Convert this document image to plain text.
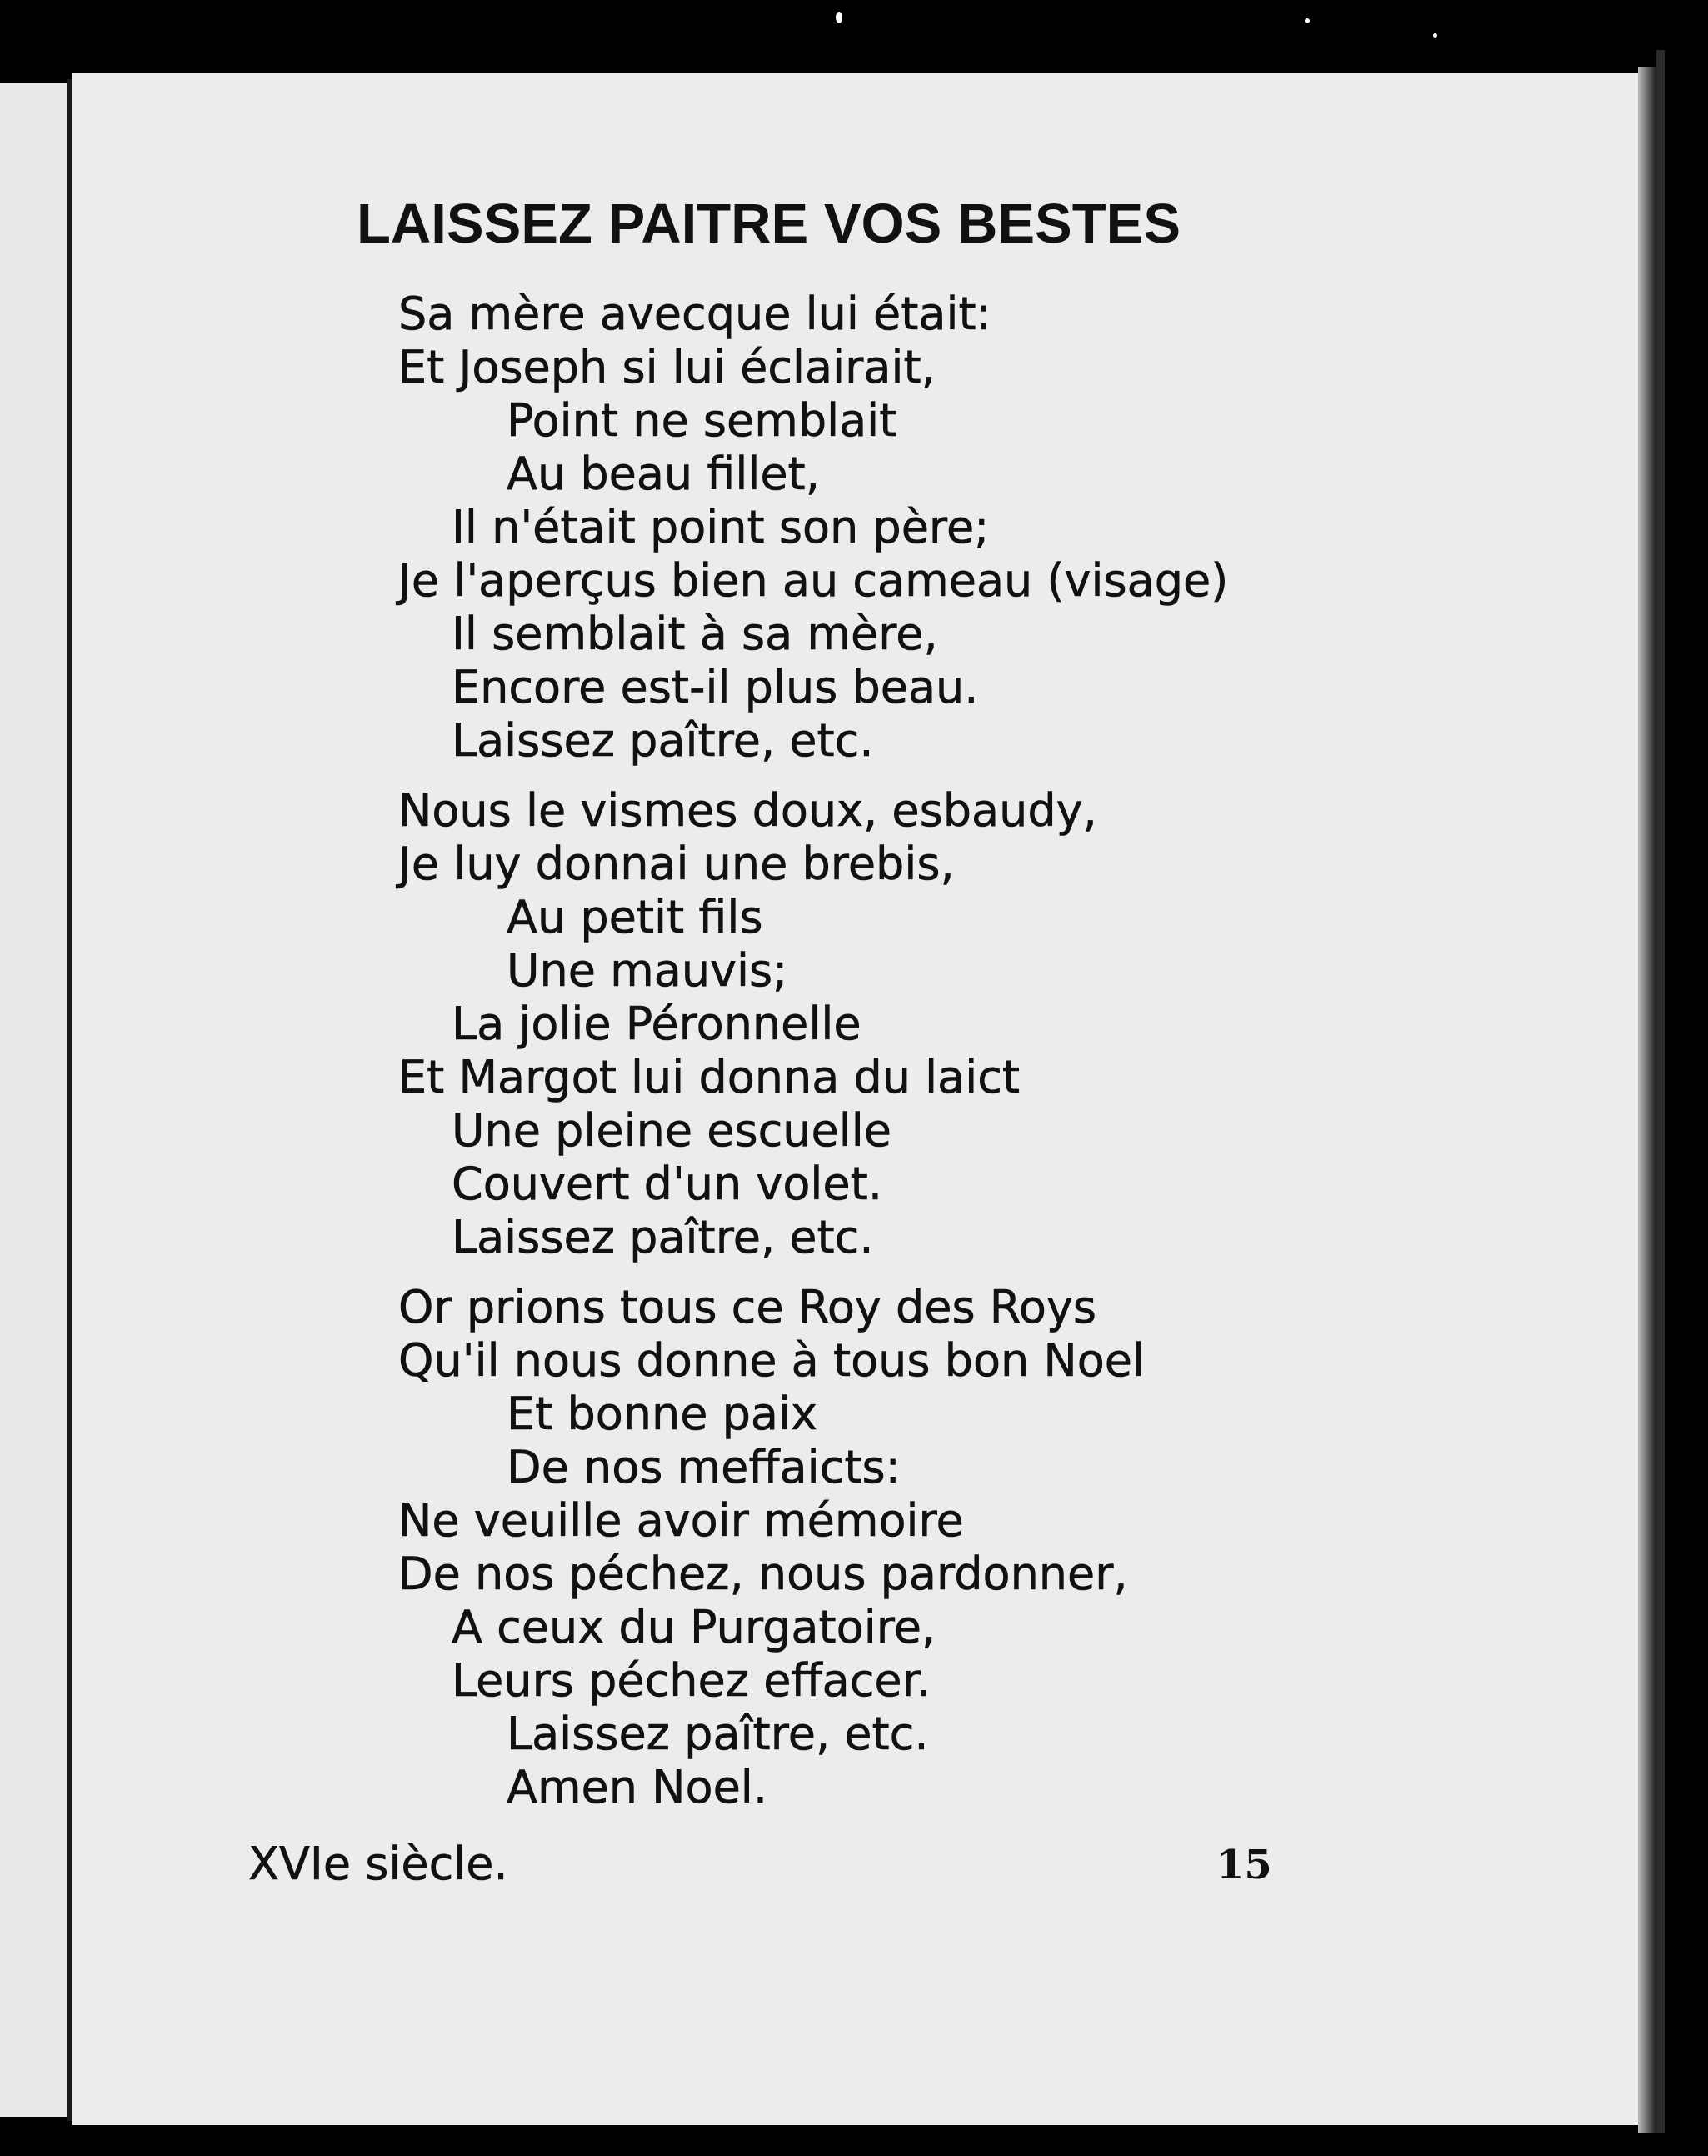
LAISSEZ PAITRE VOS BESTES
Sa mère avecque lui était:
Et Joseph si lui éclairait,
Point ne semblait
Au beau fillet,
Il n'était point son père;
Je l'aperçus bien au cameau (visage)
Il semblait à sa mère,
Encore est-il plus beau.
Laissez paître, etc.
Nous le vismes doux, esbaudy,
Je luy donnai une brebis,
Au petit fils
Une mauvis;
La jolie Péronnelle
Et Margot lui donna du laict
Une pleine escuelle
Couvert d'un volet.
Laissez paître, etc.
Or prions tous ce Roy des Roys
Qu'il nous donne à tous bon Noel
Et bonne paix
De nos meffaicts:
Ne veuille avoir mémoire
De nos péchez, nous pardonner,
A ceux du Purgatoire,
Leurs péchez effacer.
Laissez paître, etc.
Amen Noel.
XVIe siècle.	15
